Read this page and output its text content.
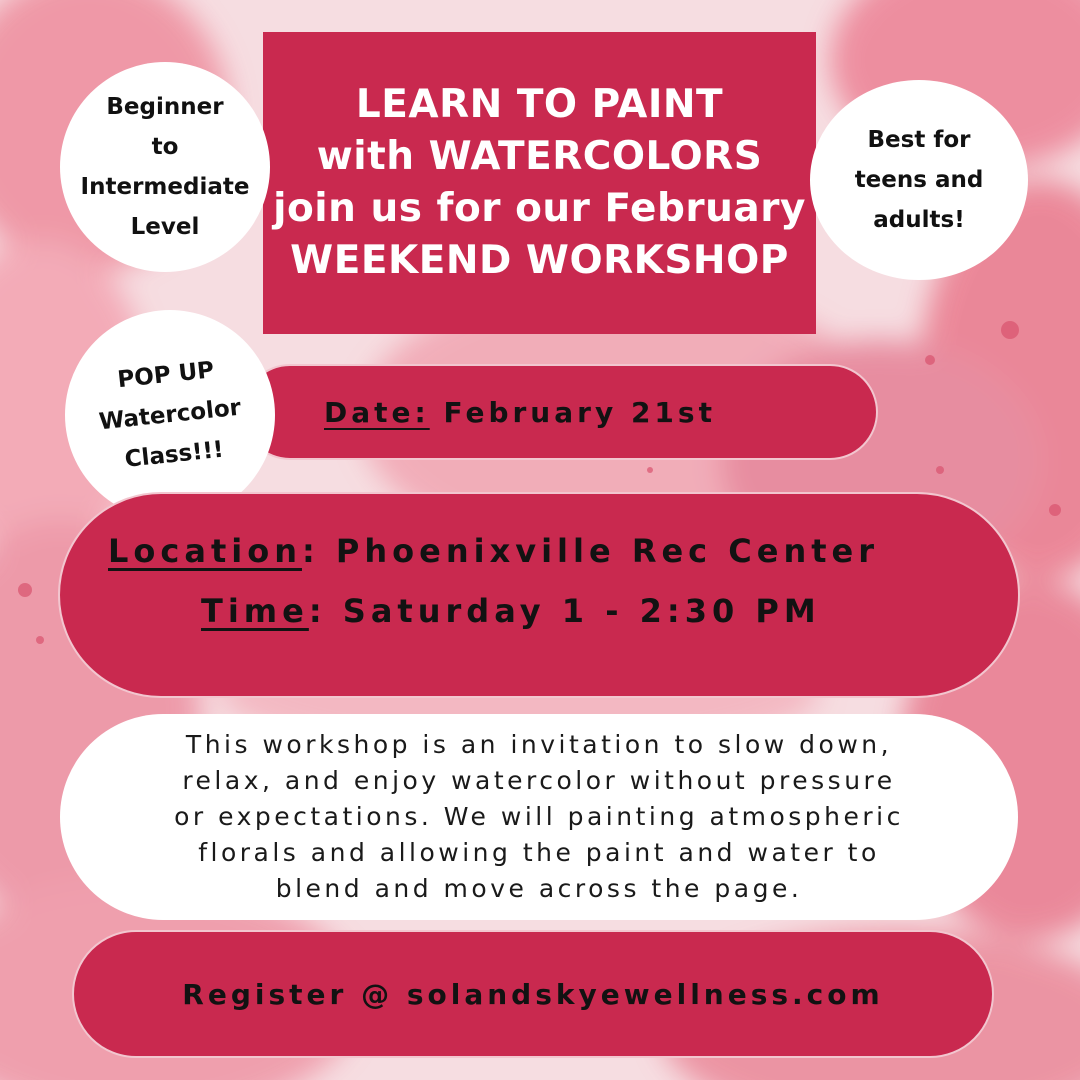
LEARN TO PAINT
with WATERCOLORS
join us for our February
WEEKEND WORKSHOP
Beginner
to
Intermediate
Level
Best for
teens and
adults!
Date: February 21st
POP UP
Watercolor
Class!!!
Location: Phoenixville Rec Center
Time: Saturday 1 - 2:30 PM
This workshop is an invitation to slow down,
relax, and enjoy watercolor without pressure
or expectations. We will painting atmospheric
florals and allowing the paint and water to
blend and move across the page.
Register @ solandskyewellness.com
